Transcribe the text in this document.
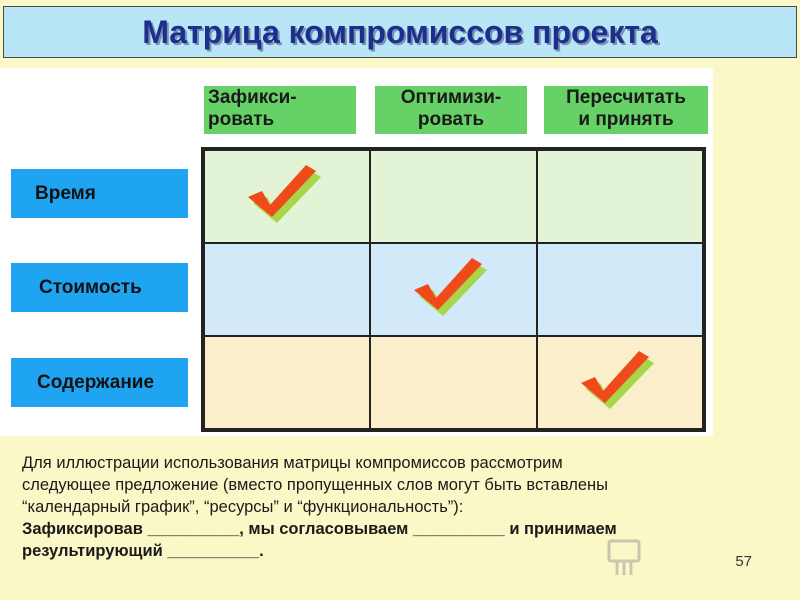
Матрица компромиссов проекта
Зафикси-
ровать
Оптимизи-
ровать
Пересчитать
и принять
Время
Стоимость
Содержание
Для иллюстрации использования матрицы компромиссов рассмотрим
следующее предложение (вместо пропущенных слов могут быть вставлены
“календарный график”, “ресурсы” и “функциональность”):
Зафиксировав __________, мы согласовываем __________ и принимаем
результирующий __________.
57
